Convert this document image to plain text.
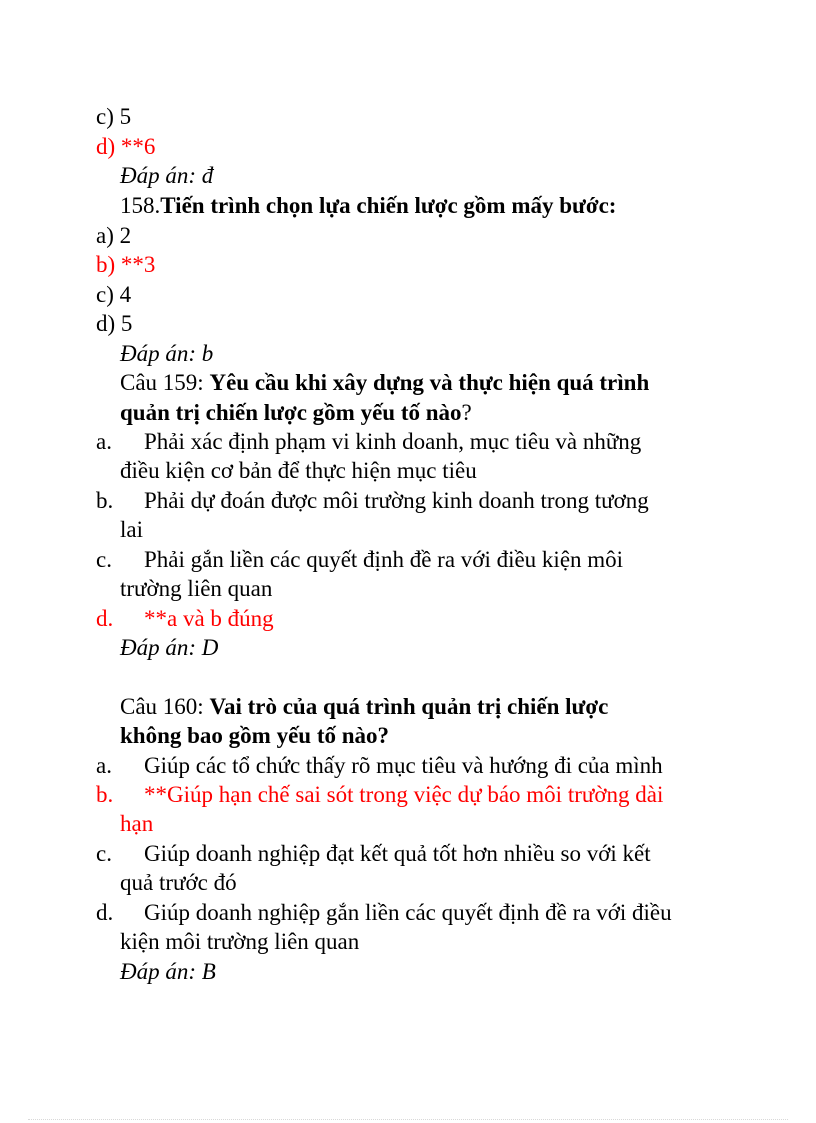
c) 5
d) **6
Đáp án: đ
158.Tiến trình chọn lựa chiến lược gồm mấy bước:
a) 2
b) **3
c) 4
d) 5
Đáp án: b
Câu 159: Yêu cầu khi xây dựng và thực hiện quá trình
quản trị chiến lược gồm yếu tố nào?
a. Phải xác định phạm vi kinh doanh, mục tiêu và những
điều kiện cơ bản để thực hiện mục tiêu
b. Phải dự đoán được môi trường kinh doanh trong tương
lai
c. Phải gắn liền các quyết định đề ra với điều kiện môi
trường liên quan
d. **a và b đúng
Đáp án: D
Câu 160: Vai trò của quá trình quản trị chiến lược
không bao gồm yếu tố nào?
a. Giúp các tổ chức thấy rõ mục tiêu và hướng đi của mình
b. **Giúp hạn chế sai sót trong việc dự báo môi trường dài
hạn
c. Giúp doanh nghiệp đạt kết quả tốt hơn nhiều so với kết
quả trước đó
d. Giúp doanh nghiệp gắn liền các quyết định đề ra với điều
kiện môi trường liên quan
Đáp án: B
